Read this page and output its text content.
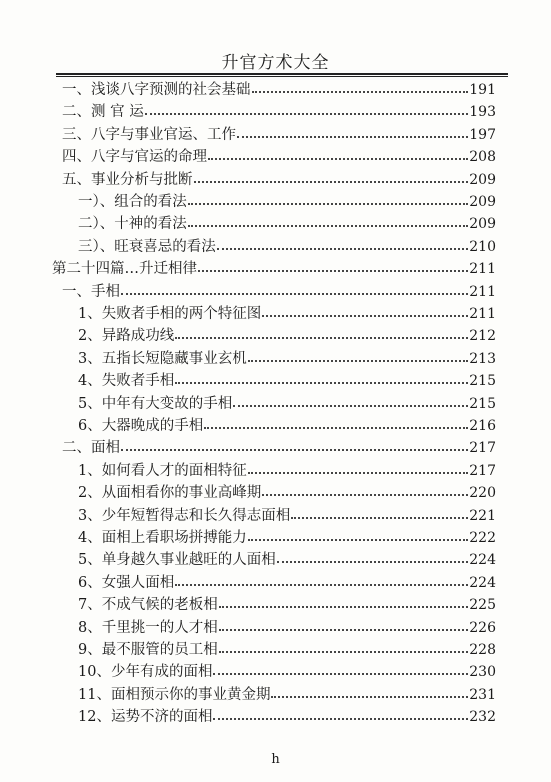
升官方术大全
一、浅谈八字预测的社会基础	191
二、测 官 运	193
三、八字与事业官运、工作	197
四、八字与官运的命理	208
五、事业分析与批断	209
一）、组合的看法	209
二）、十神的看法	209
三）、旺衰喜忌的看法	210
第二十四篇…升迁相律	211
一、手相	211
1、失败者手相的两个特征图	211
2、异路成功线	212
3、五指长短隐藏事业玄机	213
4、失败者手相	215
5、中年有大变故的手相	215
6、大器晚成的手相	216
二、面相	217
1、如何看人才的面相特征	217
2、从面相看你的事业高峰期	220
3、少年短暂得志和长久得志面相	221
4、面相上看职场拼搏能力	222
5、单身越久事业越旺的人面相	224
6、女强人面相	224
7、不成气候的老板相	225
8、千里挑一的人才相	226
9、最不服管的员工相	228
10、少年有成的面相	230
11、面相预示你的事业黄金期	231
12、运势不济的面相	232
h
